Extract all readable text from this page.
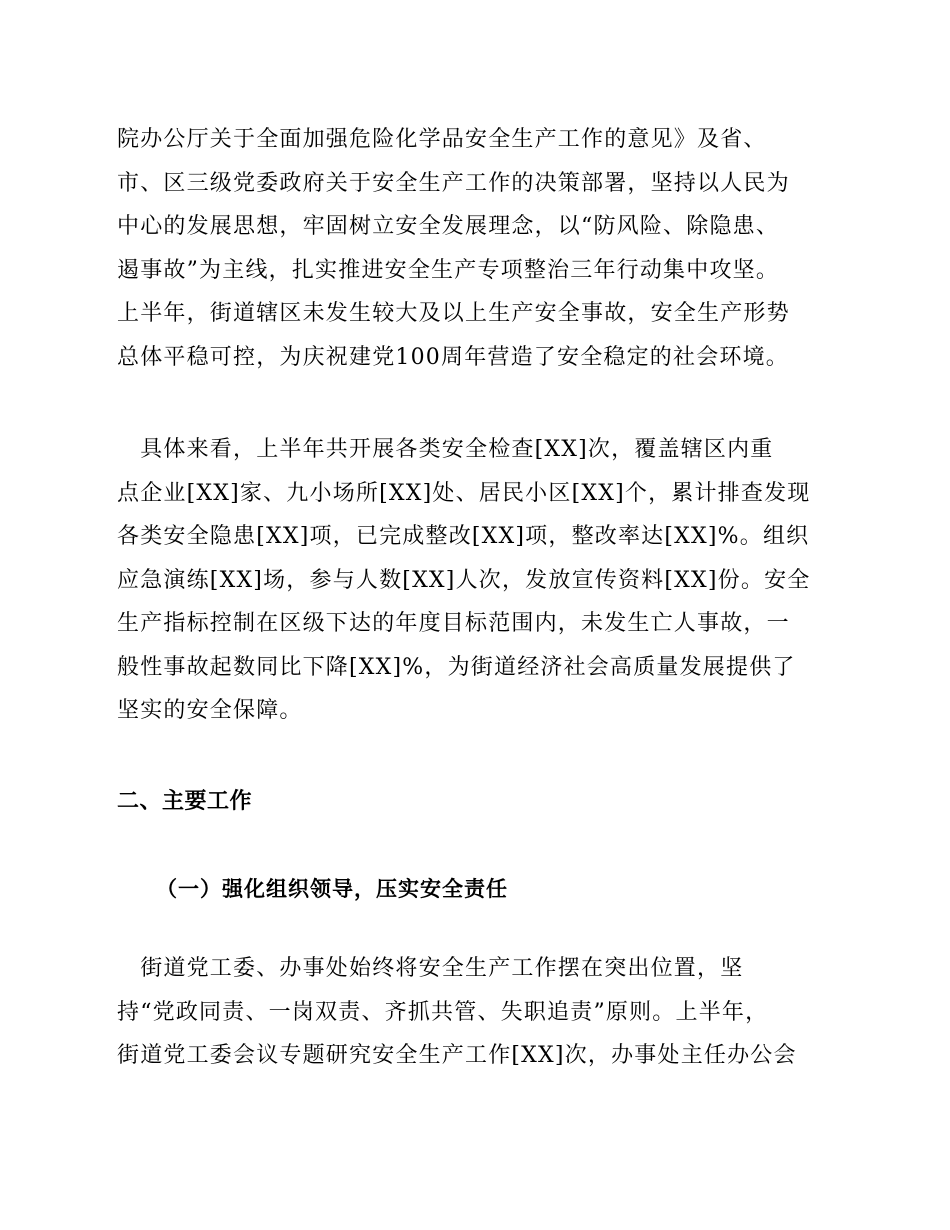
院办公厅关于全面加强危险化学品安全生产工作的意见》及省、
市、区三级党委政府关于安全生产工作的决策部署，坚持以人民为
中心的发展思想，牢固树立安全发展理念，以“防风险、除隐患、
遏事故”为主线，扎实推进安全生产专项整治三年行动集中攻坚。
上半年，街道辖区未发生较大及以上生产安全事故，安全生产形势
总体平稳可控，为庆祝建党100周年营造了安全稳定的社会环境。
　具体来看，上半年共开展各类安全检查[XX]次，覆盖辖区内重
点企业[XX]家、九小场所[XX]处、居民小区[XX]个，累计排查发现
各类安全隐患[XX]项，已完成整改[XX]项，整改率达[XX]%。组织
应急演练[XX]场，参与人数[XX]人次，发放宣传资料[XX]份。安全
生产指标控制在区级下达的年度目标范围内，未发生亡人事故，一
般性事故起数同比下降[XX]%，为街道经济社会高质量发展提供了
坚实的安全保障。
二、主要工作
（一）强化组织领导，压实安全责任
　街道党工委、办事处始终将安全生产工作摆在突出位置，坚
持“党政同责、一岗双责、齐抓共管、失职追责”原则。上半年，
街道党工委会议专题研究安全生产工作[XX]次，办事处主任办公会
